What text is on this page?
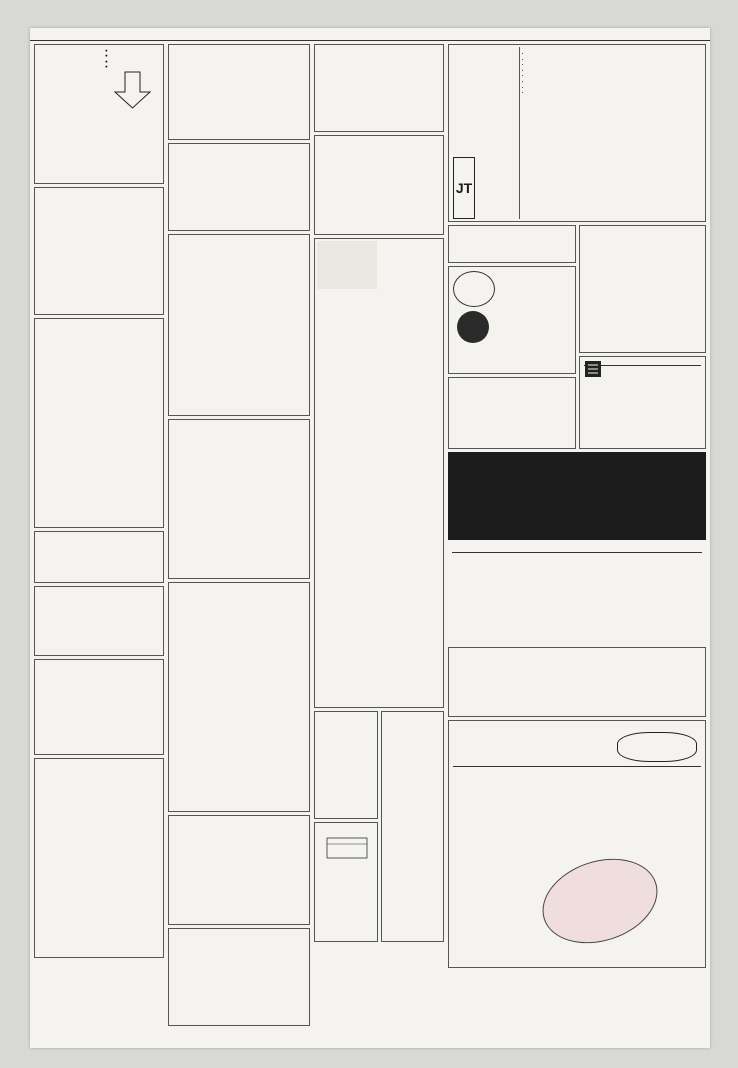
●

●

●

●

JT

•
•
•
•

•
•
•
•
